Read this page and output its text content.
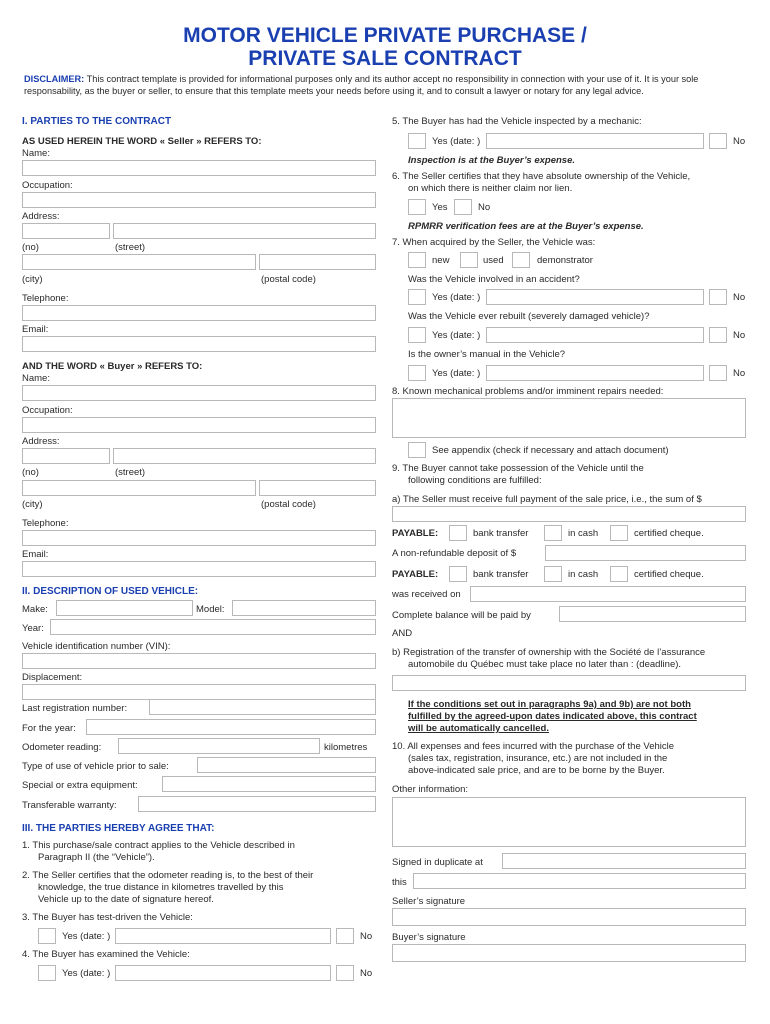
MOTOR VEHICLE PRIVATE PURCHASE /
PRIVATE SALE CONTRACT
DISCLAIMER: This contract template is provided for informational purposes only and its author accept no responsibility in connection with your use of it. It is your sole responsability, as the buyer or seller, to ensure that this template meets your needs before using it, and to consult a lawyer or notary for any legal advice.
I. PARTIES TO THE CONTRACT
AS USED HEREIN THE WORD « Seller » REFERS TO:
Name:
Occupation:
Address:
(no)	(street)
(city)	(postal code)
Telephone:
Email:
AND THE WORD « Buyer » REFERS TO:
Name:
Occupation:
Address:
(no)	(street)
(city)	(postal code)
Telephone:
Email:
II. DESCRIPTION OF USED VEHICLE:
Make:	Model:
Year:
Vehicle identification number (VIN):
Displacement:
Last registration number:
For the year:
Odometer reading:	kilometres
Type of use of vehicle prior to sale:
Special or extra equipment:
Transferable warranty:
III. THE PARTIES HEREBY AGREE THAT:
1. This purchase/sale contract applies to the Vehicle described in
Paragraph II (the “Vehicle”).
2. The Seller certifies that the odometer reading is, to the best of their
knowledge, the true distance in kilometres travelled by this
Vehicle up to the date of signature hereof.
3. The Buyer has test-driven the Vehicle:
Yes (date: )	No
4. The Buyer has examined the Vehicle:
Yes (date: )	No
5. The Buyer has had the Vehicle inspected by a mechanic:
Yes (date: )	No
Inspection is at the Buyer’s expense.
6. The Seller certifies that they have absolute ownership of the Vehicle,
on which there is neither claim nor lien.
Yes	No
RPMRR verification fees are at the Buyer’s expense.
7. When acquired by the Seller, the Vehicle was:
new	used	demonstrator
Was the Vehicle involved in an accident?
Yes (date: )	No
Was the Vehicle ever rebuilt (severely damaged vehicle)?
Yes (date: )	No
Is the owner’s manual in the Vehicle?
Yes (date: )	No
8. Known mechanical problems and/or imminent repairs needed:
See appendix (check if necessary and attach document)
9. The Buyer cannot take possession of the Vehicle until the
following conditions are fulfilled:
a) The Seller must receive full payment of the sale price, i.e., the sum of $
PAYABLE:	bank transfer	in cash	certified cheque.
A non-refundable deposit of $
PAYABLE:	bank transfer	in cash	certified cheque.
was received on
Complete balance will be paid by
AND
b) Registration of the transfer of ownership with the Société de l’assurance
automobile du Québec must take place no later than : (deadline).
If the conditions set out in paragraphs 9a) and 9b) are not both
fulfilled by the agreed-upon dates indicated above, this contract
will be automatically cancelled.
10. All expenses and fees incurred with the purchase of the Vehicle
(sales tax, registration, insurance, etc.) are not included in the
above-indicated sale price, and are to be borne by the Buyer.
Other information:
Signed in duplicate at
this
Seller’s signature
Buyer’s signature
